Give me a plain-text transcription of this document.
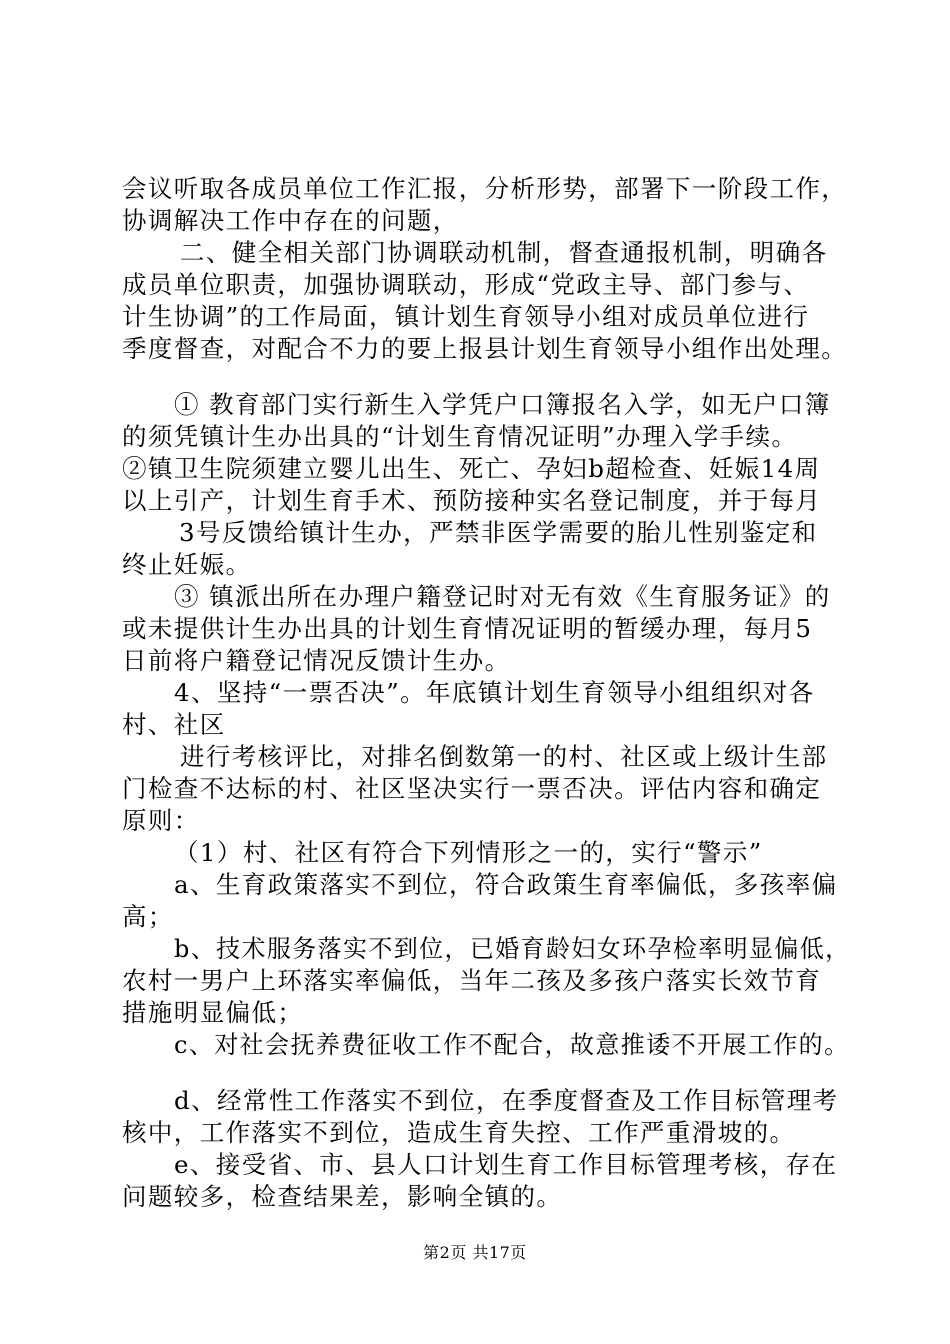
会议听取各成员单位工作汇报，分析形势，部署下一阶段工作，
协调解决工作中存在的问题，
二、健全相关部门协调联动机制，督查通报机制，明确各
成员单位职责，加强协调联动，形成“党政主导、部门参与、
计生协调”的工作局面，镇计划生育领导小组对成员单位进行
季度督查，对配合不力的要上报县计划生育领导小组作出处理。
① 教育部门实行新生入学凭户口簿报名入学，如无户口簿
的须凭镇计生办出具的“计划生育情况证明”办理入学手续。
②镇卫生院须建立婴儿出生、死亡、孕妇b超检查、妊娠14周
以上引产，计划生育手术、预防接种实名登记制度，并于每月
3号反馈给镇计生办，严禁非医学需要的胎儿性别鉴定和
终止妊娠。
③ 镇派出所在办理户籍登记时对无有效《生育服务证》的
或未提供计生办出具的计划生育情况证明的暂缓办理，每月5
日前将户籍登记情况反馈计生办。
4、坚持“一票否决”。年底镇计划生育领导小组组织对各
村、社区
进行考核评比，对排名倒数第一的村、社区或上级计生部
门检查不达标的村、社区坚决实行一票否决。评估内容和确定
原则：
（1）村、社区有符合下列情形之一的，实行“警示”
a、生育政策落实不到位，符合政策生育率偏低，多孩率偏
高；
b、技术服务落实不到位，已婚育龄妇女环孕检率明显偏低，
农村一男户上环落实率偏低，当年二孩及多孩户落实长效节育
措施明显偏低；
c、对社会抚养费征收工作不配合，故意推诿不开展工作的。
d、经常性工作落实不到位，在季度督查及工作目标管理考
核中，工作落实不到位，造成生育失控、工作严重滑坡的。
e、接受省、市、县人口计划生育工作目标管理考核，存在
问题较多，检查结果差，影响全镇的。
第2页 共17页
